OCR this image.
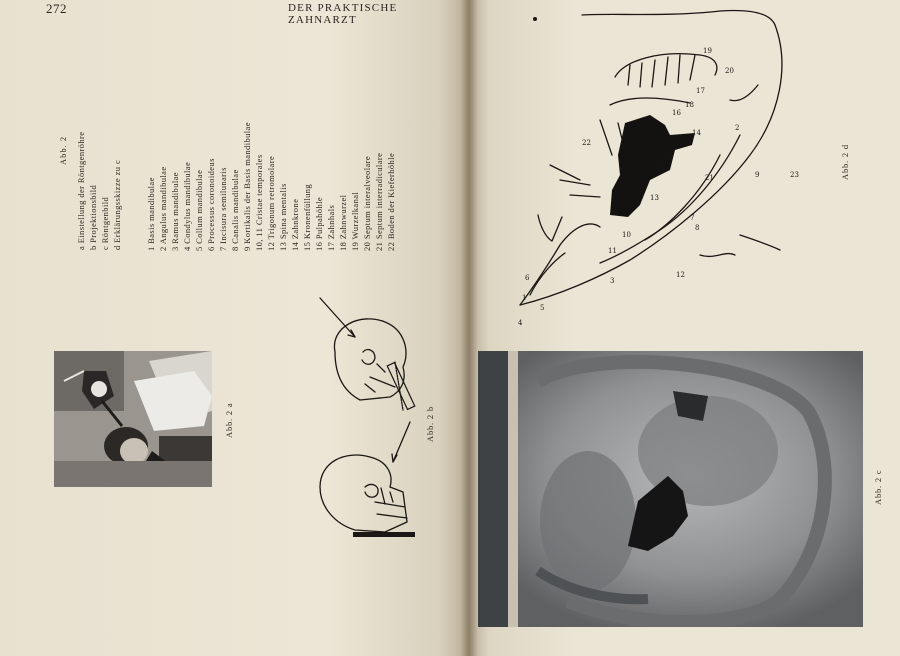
272	DER PRAKTISCHE ZAHNARZT
Abb. 2 a Einstellung der Röntgenröhre b Projektionsbild c Röntgenbild d Erklärungsskizze zu c	1 Basis mandibulae 2 Angulus mandibulae 3 Ramus mandibulae 4 Condylus mandibulae 5 Collum mandibulae 6 Processus coronoideus 7 Incisura semilunaris 8 Canalis mandibulae 9 Kortikalis der Basis mandibulae 10, 11 Cristae temporales 12 Trigonum retromolare 13 Spina mentalis 14 Zahnkrone 15 Kronenfüllung 16 Pulpahöhle 17 Zahnhals 18 Zahnwurzel 19 Wurzelkanal 20 Septum interalveolare 21 Septum interradiculare 22 Boden der Kieferhöhle
Abb. 2 a	Abb. 2 b
19
20
17
18
14
15
16
22
21	23
2
9
8
12
10
11
6	3
1
5
4
13
7
Abb. 2 d
Abb. 2 c
